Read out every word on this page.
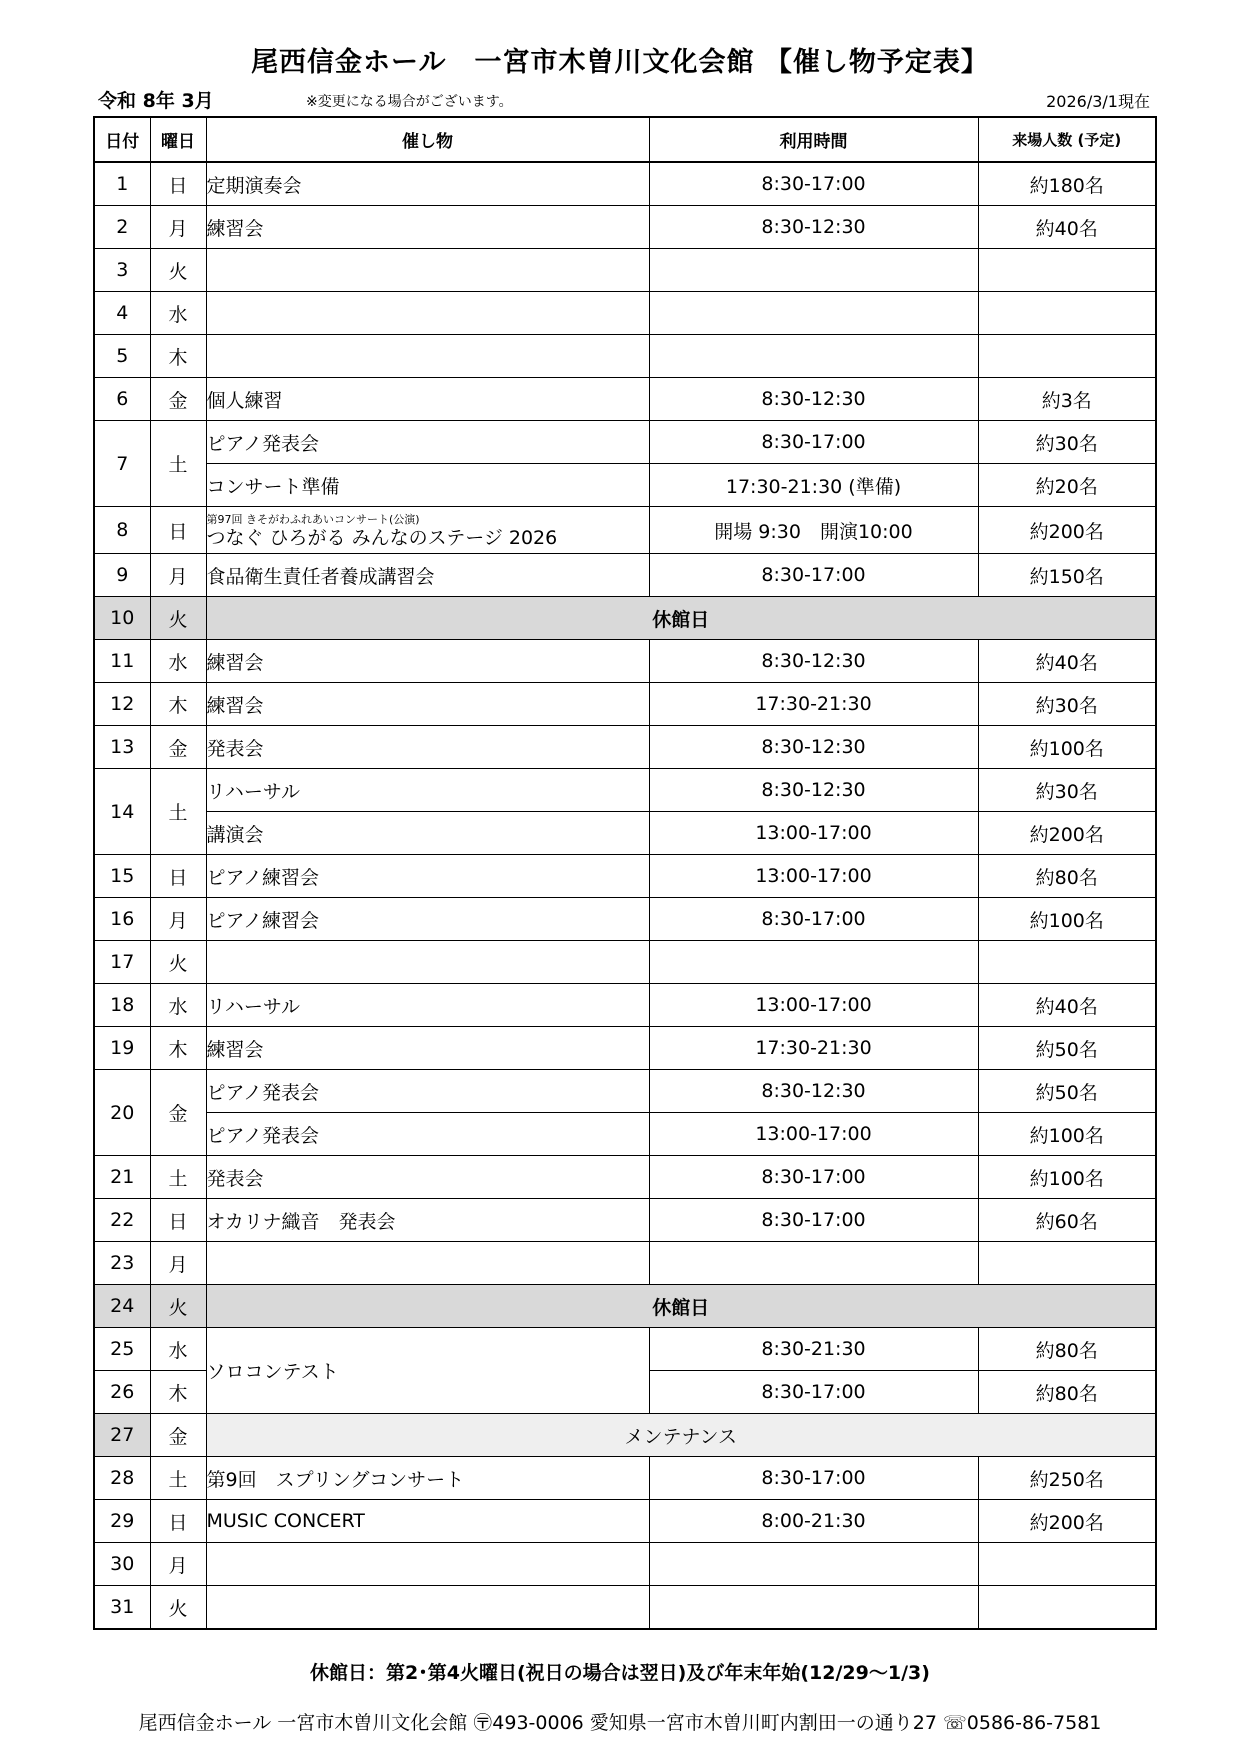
尾西信金ホール　一宮市木曽川文化会館 【催し物予定表】
令和 8年 3月	※変更になる場合がございます。	2026/3/1現在
日付	曜日	催し物	利用時間	来場人数 (予定)
1	日	定期演奏会	8:30-17:00	約180名
2	月	練習会	8:30-12:30	約40名
3	火			
4	水			
5	木			
6	金	個人練習	8:30-12:30	約3名
7	土	ピアノ発表会	8:30-17:00	約30名
		コンサート準備	17:30-21:30 (準備)	約20名
8	日	第97回 きそがわふれあいコンサート(公演)
つなぐ ひろがる みんなのステージ 2026	開場 9:30　開演10:00	約200名
9	月	食品衛生責任者養成講習会	8:30-17:00	約150名
10	火	休館日		
11	水	練習会	8:30-12:30	約40名
12	木	練習会	17:30-21:30	約30名
13	金	発表会	8:30-12:30	約100名
14	土	リハーサル	8:30-12:30	約30名
		講演会	13:00-17:00	約200名
15	日	ピアノ練習会	13:00-17:00	約80名
16	月	ピアノ練習会	8:30-17:00	約100名
17	火			
18	水	リハーサル	13:00-17:00	約40名
19	木	練習会	17:30-21:30	約50名
20	金	ピアノ発表会	8:30-12:30	約50名
		ピアノ発表会	13:00-17:00	約100名
21	土	発表会	8:30-17:00	約100名
22	日	オカリナ織音　発表会	8:30-17:00	約60名
23	月			
24	火	休館日		
25	水	ソロコンテスト	8:30-21:30	約80名
26	木		8:30-17:00	約80名
27	金	メンテナンス		
28	土	第9回　スプリングコンサート	8:30-17:00	約250名
29	日	MUSIC CONCERT	8:00-21:30	約200名
30	月			
31	火			
休館日：第2･第4火曜日(祝日の場合は翌日)及び年末年始(12/29～1/3)
尾西信金ホール 一宮市木曽川文化会館 〶493-0006 愛知県一宮市木曽川町内割田一の通り27 ☏0586-86-7581
